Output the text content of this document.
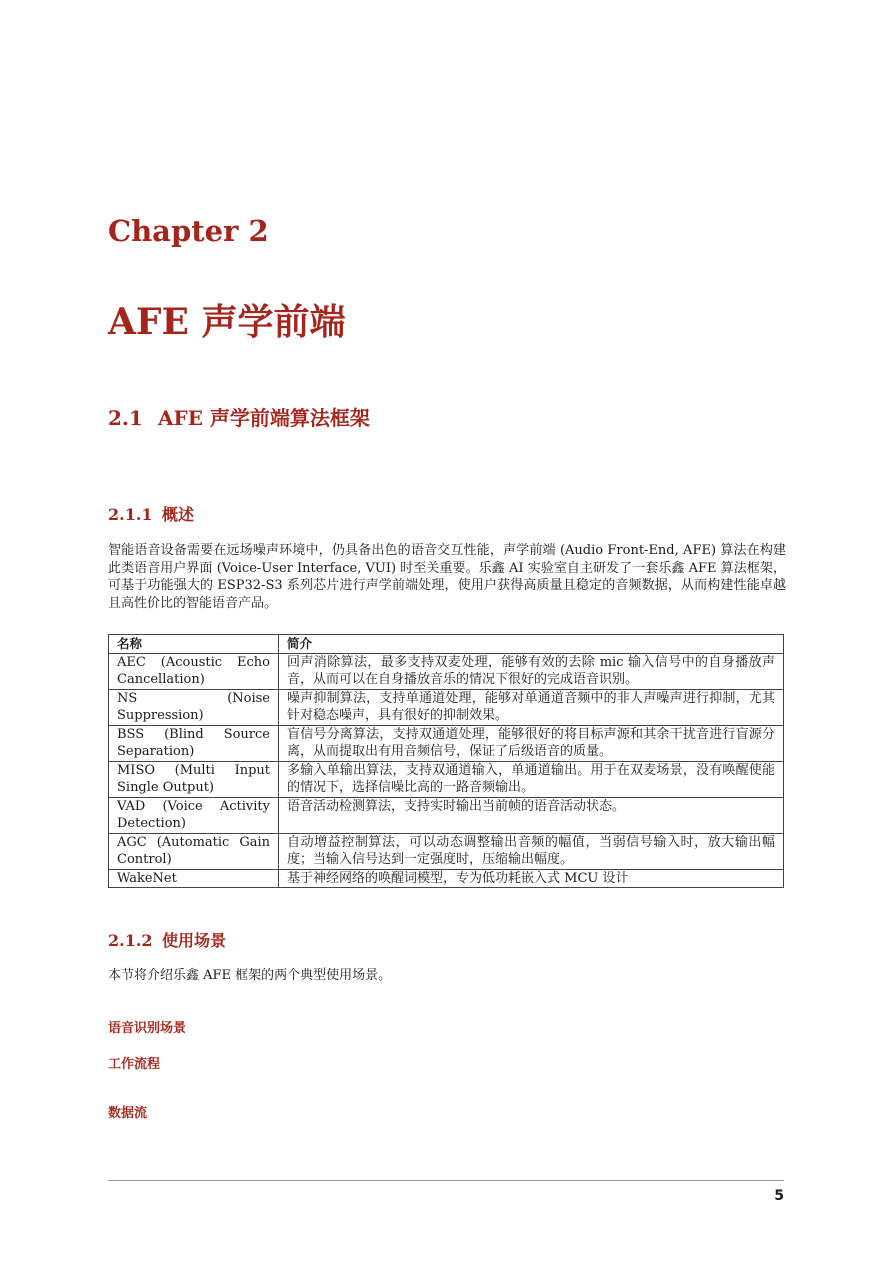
Chapter 2
AFE 声学前端
2.1 AFE 声学前端算法框架
2.1.1 概述
智能语音设备需要在远场噪声环境中，仍具备出色的语音交互性能，声学前端 (Audio Front-End, AFE) 算法在构建此类语音用户界面 (Voice-User Interface, VUI) 时至关重要。乐鑫 AI 实验室自主研发了一套乐鑫 AFE 算法框架，可基于功能强大的 ESP32-S3 系列芯片进行声学前端处理，使用户获得高质量且稳定的音频数据，从而构建性能卓越且高性价比的智能语音产品。
名称	简介
AEC (Acoustic Echo Cancellation)	回声消除算法，最多支持双麦处理，能够有效的去除 mic 输入信号中的自身播放声音，从而可以在自身播放音乐的情况下很好的完成语音识别。
NS (Noise Suppression)	噪声抑制算法，支持单通道处理，能够对单通道音频中的非人声噪声进行抑制，尤其针对稳态噪声，具有很好的抑制效果。
BSS (Blind Source Separation)	盲信号分离算法，支持双通道处理，能够很好的将目标声源和其余干扰音进行盲源分离，从而提取出有用音频信号，保证了后级语音的质量。
MISO (Multi Input Single Output)	多输入单输出算法，支持双通道输入，单通道输出。用于在双麦场景，没有唤醒使能的情况下，选择信噪比高的一路音频输出。
VAD (Voice Activity Detection)	语音活动检测算法，支持实时输出当前帧的语音活动状态。
AGC (Automatic Gain Control)	自动增益控制算法，可以动态调整输出音频的幅值，当弱信号输入时，放大输出幅度；当输入信号达到一定强度时，压缩输出幅度。
WakeNet	基于神经网络的唤醒词模型，专为低功耗嵌入式 MCU 设计
2.1.2 使用场景
本节将介绍乐鑫 AFE 框架的两个典型使用场景。
语音识别场景
工作流程
数据流
5
